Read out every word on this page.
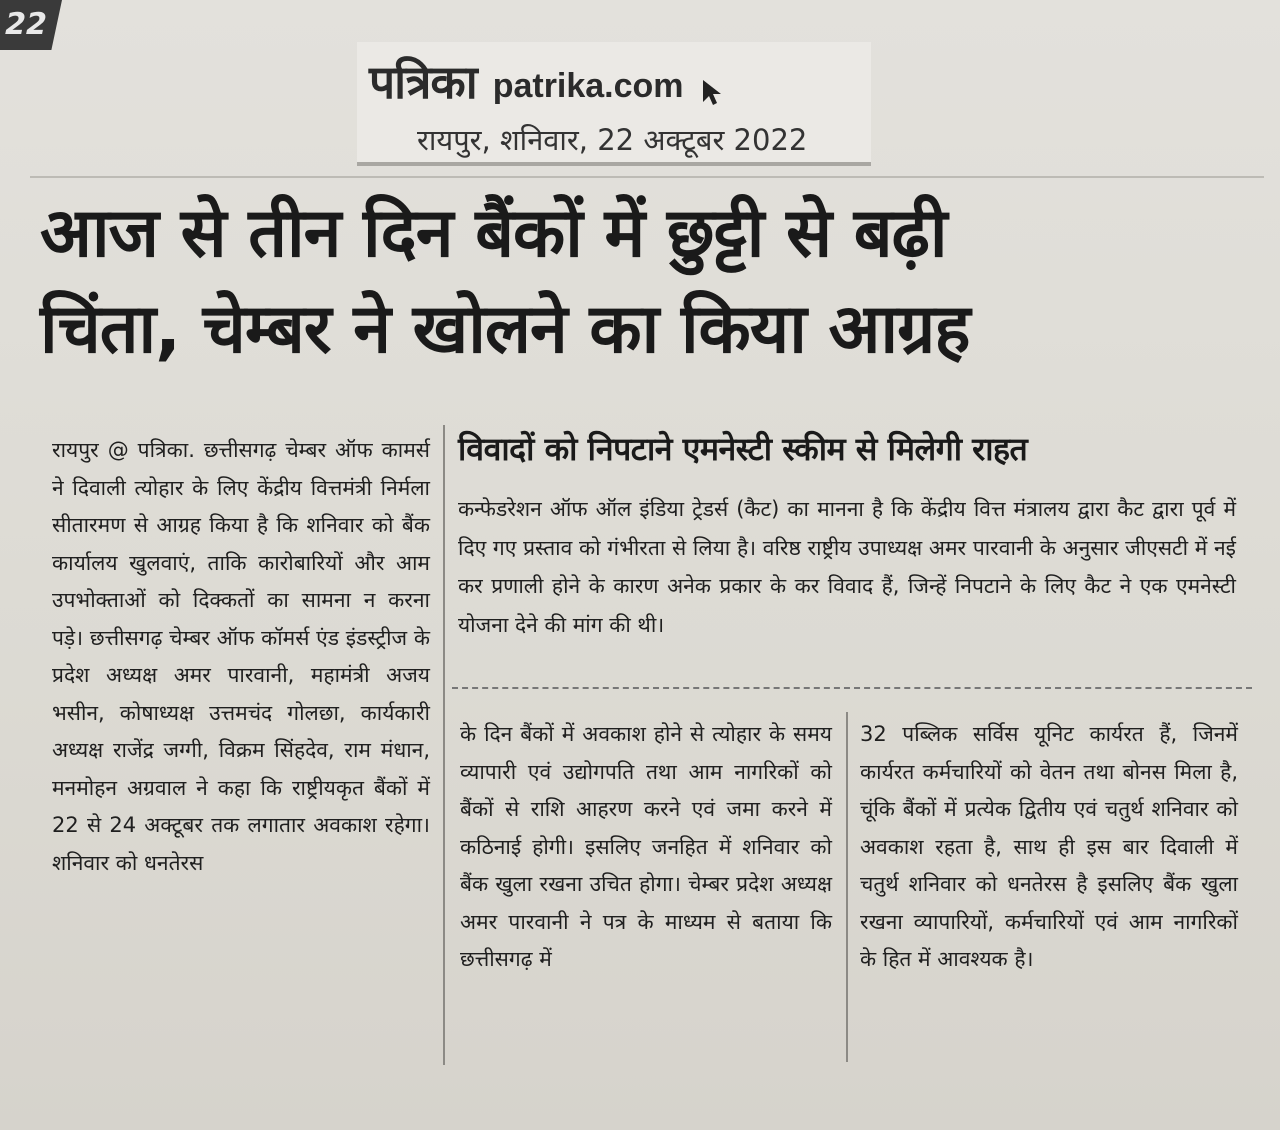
22
पत्रिका patrika.com
रायपुर, शनिवार, 22 अक्टूबर 2022
आज से तीन दिन बैंकों में छुट्टी से बढ़ी
चिंता, चेम्बर ने खोलने का किया आग्रह
रायपुर @ पत्रिका. छत्तीसगढ़ चेम्बर ऑफ कामर्स ने दिवाली त्योहार के लिए केंद्रीय वित्तमंत्री निर्मला सीतारमण से आग्रह किया है कि शनिवार को बैंक कार्यालय खुलवाएं, ताकि कारोबारियों और आम उपभोक्ताओं को दिक्कतों का सामना न करना पड़े। छत्तीसगढ़ चेम्बर ऑफ कॉमर्स एंड इंडस्ट्रीज के प्रदेश अध्यक्ष अमर पारवानी, महामंत्री अजय भसीन, कोषाध्यक्ष उत्तमचंद गोलछा, कार्यकारी अध्यक्ष राजेंद्र जग्गी, विक्रम सिंहदेव, राम मंधान, मनमोहन अग्रवाल ने कहा कि राष्ट्रीयकृत बैंकों में 22 से 24 अक्टूबर तक लगातार अवकाश रहेगा। शनिवार को धनतेरस
विवादों को निपटाने एमनेस्टी स्कीम से मिलेगी राहत
कन्फेडरेशन ऑफ ऑल इंडिया ट्रेडर्स (कैट) का मानना है कि केंद्रीय वित्त मंत्रालय द्वारा कैट द्वारा पूर्व में दिए गए प्रस्ताव को गंभीरता से लिया है। वरिष्ठ राष्ट्रीय उपाध्यक्ष अमर पारवानी के अनुसार जीएसटी में नई कर प्रणाली होने के कारण अनेक प्रकार के कर विवाद हैं, जिन्हें निपटाने के लिए कैट ने एक एमनेस्टी योजना देने की मांग की थी।
के दिन बैंकों में अवकाश होने से त्योहार के समय व्यापारी एवं उद्योगपति तथा आम नागरिकों को बैंकों से राशि आहरण करने एवं जमा करने में कठिनाई होगी। इसलिए जनहित में शनिवार को बैंक खुला रखना उचित होगा। चेम्बर प्रदेश अध्यक्ष अमर पारवानी ने पत्र के माध्यम से बताया कि छत्तीसगढ़ में
32 पब्लिक सर्विस यूनिट कार्यरत हैं, जिनमें कार्यरत कर्मचारियों को वेतन तथा बोनस मिला है, चूंकि बैंकों में प्रत्येक द्वितीय एवं चतुर्थ शनिवार को अवकाश रहता है, साथ ही इस बार दिवाली में चतुर्थ शनिवार को धनतेरस है इसलिए बैंक खुला रखना व्यापारियों, कर्मचारियों एवं आम नागरिकों के हित में आवश्यक है।
